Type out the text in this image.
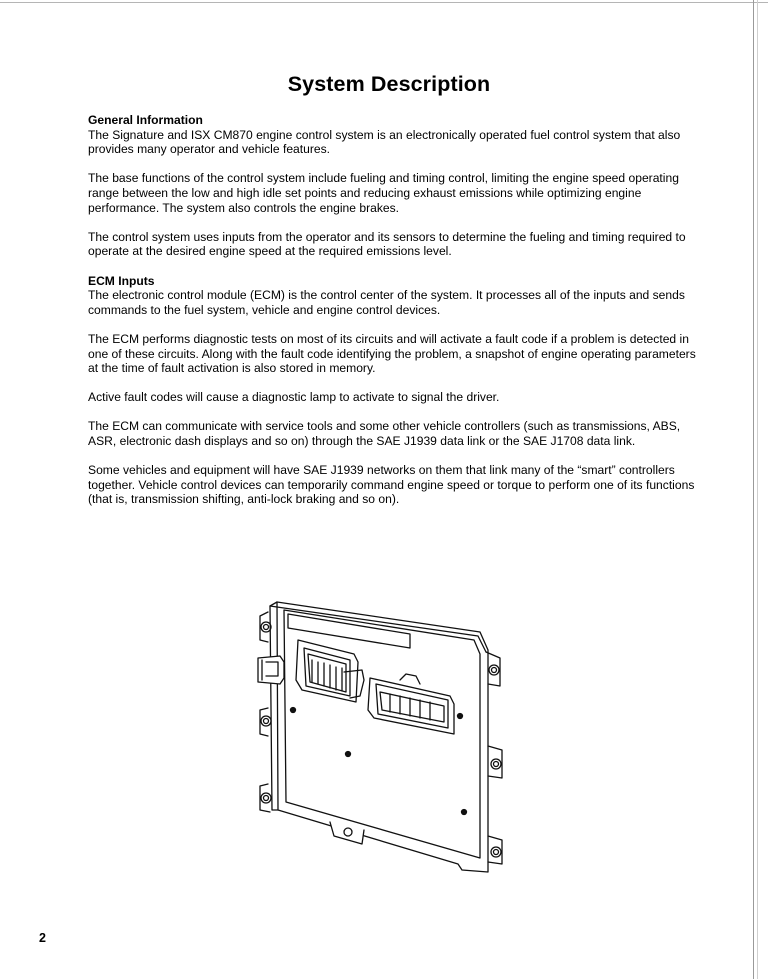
System Description
General Information

The Signature and ISX CM870 engine control system is an electronically operated fuel control system that also provides many operator and vehicle features.

The base functions of the control system include fueling and timing control, limiting the engine speed operating range between the low and high idle set points and reducing exhaust emissions while optimizing engine performance. The system also controls the engine brakes.

The control system uses inputs from the operator and its sensors to determine the fueling and timing required to operate at the desired engine speed at the required emissions level.

ECM Inputs

The electronic control module (ECM) is the control center of the system. It processes all of the inputs and sends commands to the fuel system, vehicle and engine control devices.

The ECM performs diagnostic tests on most of its circuits and will activate a fault code if a problem is detected in one of these circuits. Along with the fault code identifying the problem, a snapshot of engine operating parameters at the time of fault activation is also stored in memory.

Active fault codes will cause a diagnostic lamp to activate to signal the driver.

The ECM can communicate with service tools and some other vehicle controllers (such as transmissions, ABS, ASR, electronic dash displays and so on) through the SAE J1939 data link or the SAE J1708 data link.

Some vehicles and equipment will have SAE J1939 networks on them that link many of the “smart” controllers together. Vehicle control devices can temporarily command engine speed or torque to perform one of its functions (that is, transmission shifting, anti-lock braking and so on).

2
